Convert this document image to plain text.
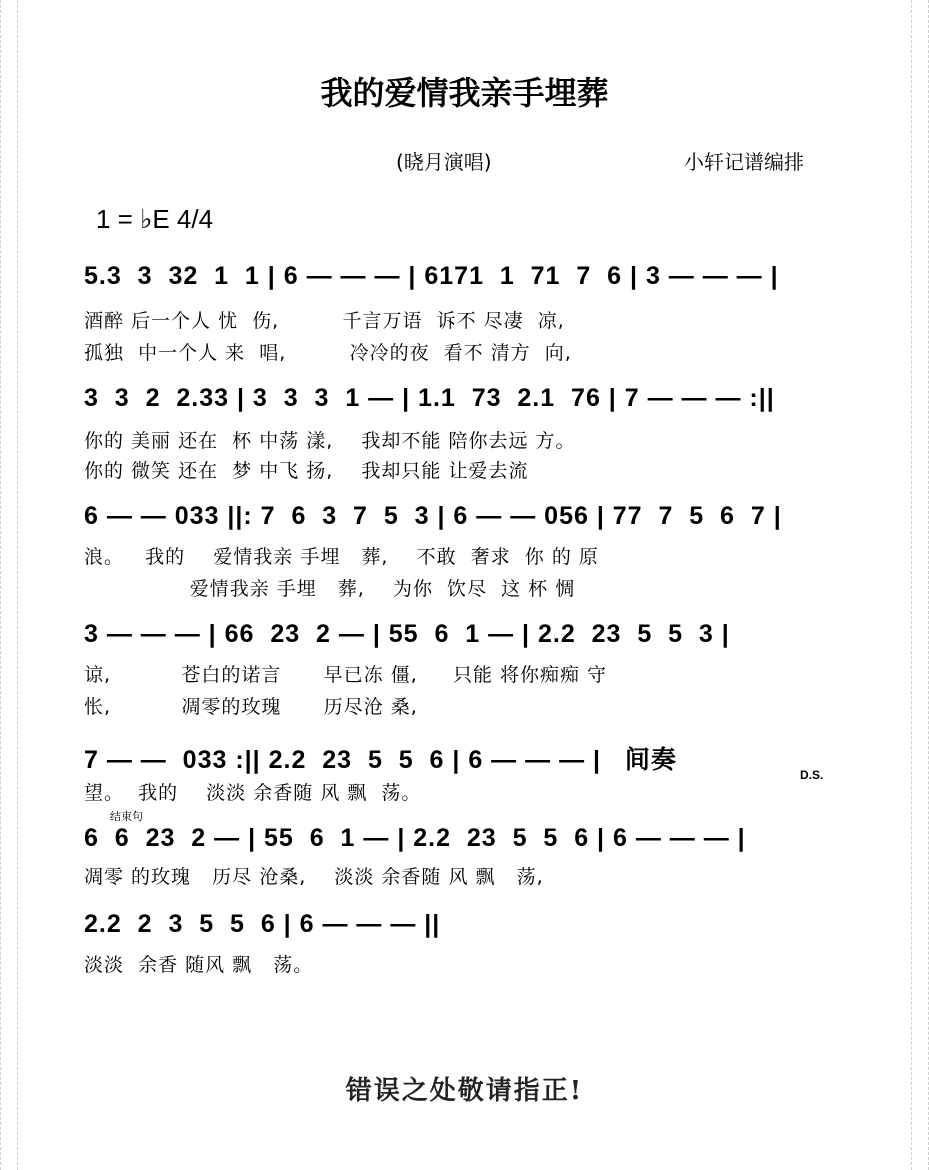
我的爱情我亲手埋葬
(晓月演唱)	小轩记谱编排
1 = ♭E 4/4
5.3  3  32  1  1 | 6 — — — | 6171  1  71  7  6 | 3 — — — |
酒醉 后一个人 忧  伤,         千言万语  诉不 尽凄  凉,
孤独  中一个人 来  唱,         冷冷的夜  看不 清方  向,
3  3  2  2.33 | 3  3  3  1 — | 1.1  73  2.1  76 | 7 — — — :||
你的 美丽 还在  杯 中荡 漾,    我却不能 陪你去远 方。
你的 微笑 还在  梦 中飞 扬,    我却只能 让爱去流
6 — — 033 ||: 7  6  3  7  5  3 | 6 — — 056 | 77  7  5  6  7 |
浪。   我的    爱情我亲 手埋   葬,    不敢  奢求  你 的 原
爱情我亲 手埋   葬,    为你  饮尽  这 杯 惆
3 — — — | 66  23  2 — | 55  6  1 — | 2.2  23  5  5  3 |
谅,          苍白的诺言      早已冻 僵,     只能 将你痴痴 守
怅,          凋零的玫瑰      历尽沧 桑,
7 — —  033 :|| 2.2  23  5  5  6 | 6 — — — |   间奏
D.S.
望。  我的    淡淡 余香随 风 飘  荡。
结束句
6  6  23  2 — | 55  6  1 — | 2.2  23  5  5  6 | 6 — — — |
凋零 的玫瑰   历尽 沧桑,    淡淡 余香随 风 飘   荡,
2.2  2  3  5  5  6 | 6 — — — ||
淡淡  余香 随风 飘   荡。
错误之处敬请指正!
